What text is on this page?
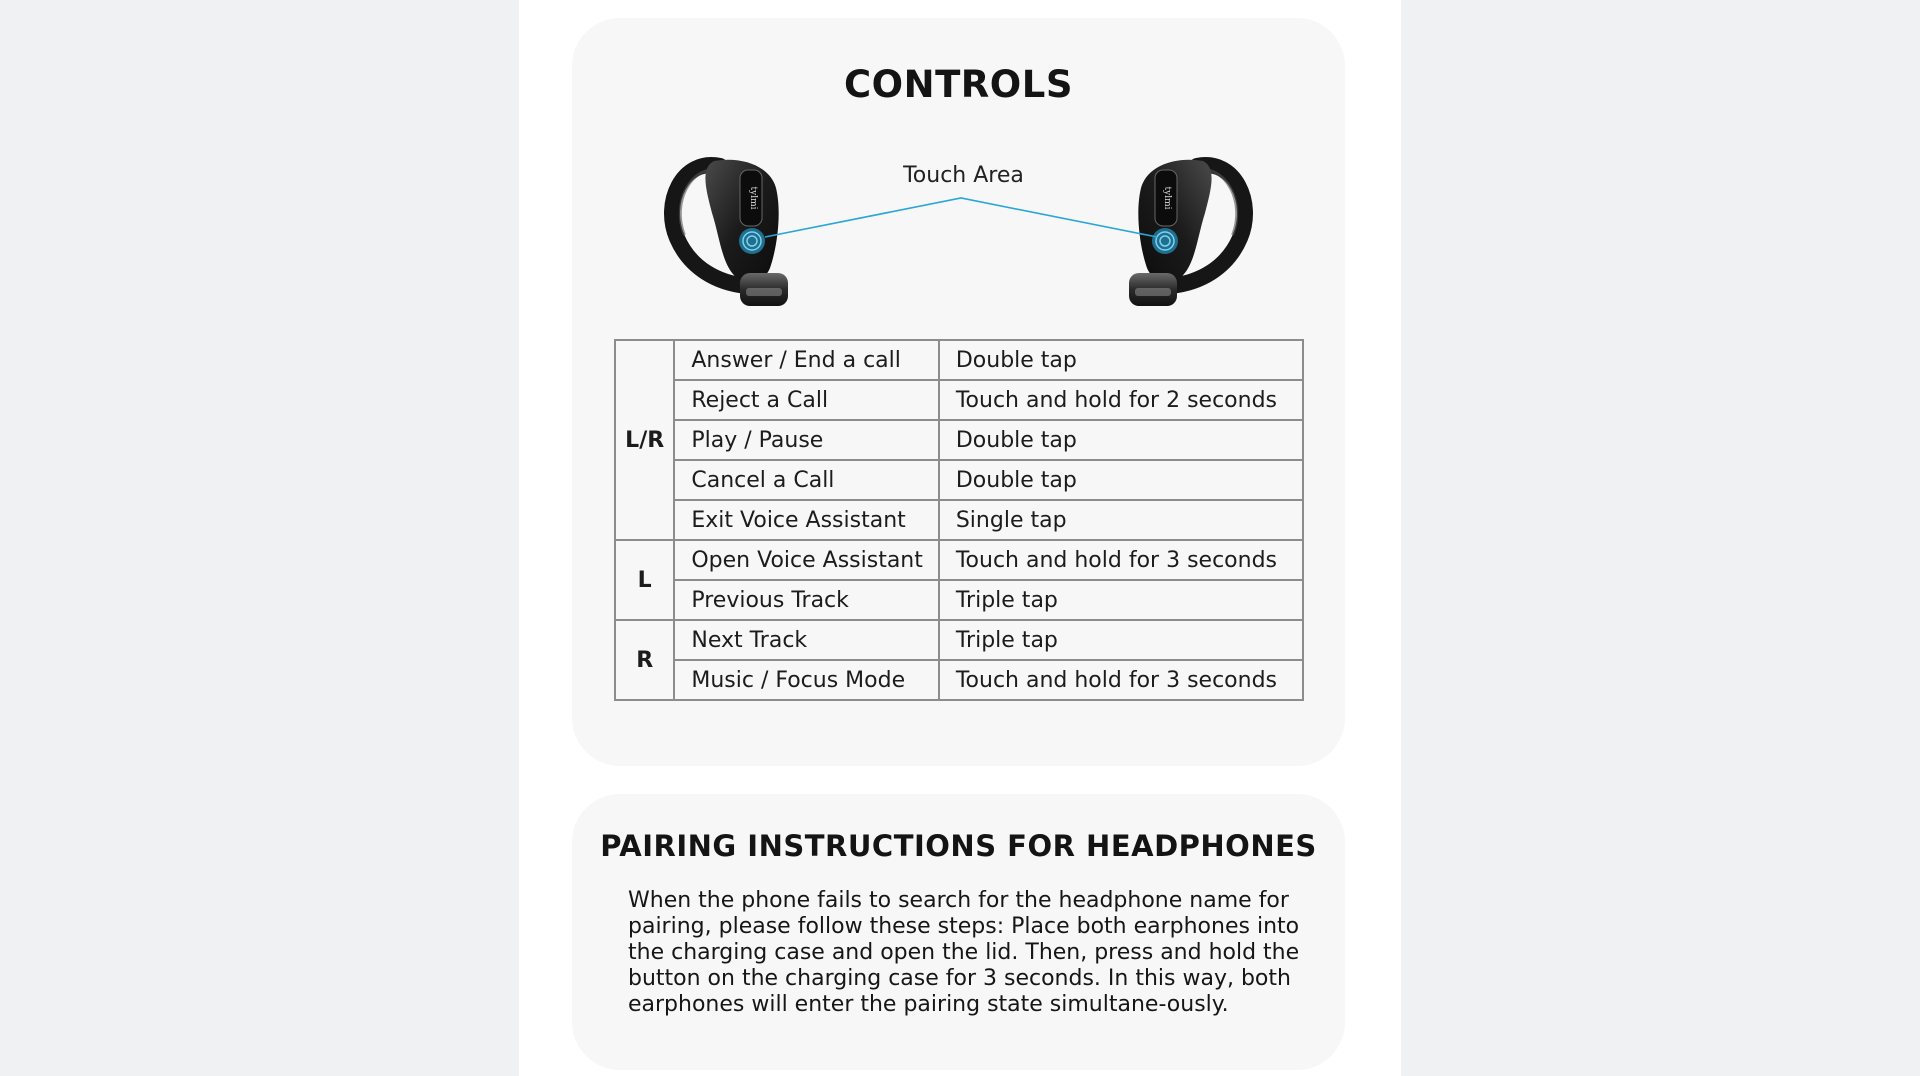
CONTROLS
Touch Area
tylmi	tylmi
L/R	Answer / End a call	Double tap
	Reject a Call	Touch and hold for 2 seconds
	Play / Pause	Double tap
	Cancel a Call	Double tap
	Exit Voice Assistant	Single tap
L	Open Voice Assistant	Touch and hold for 3 seconds
	Previous Track	Triple tap
R	Next Track	Triple tap
	Music / Focus Mode	Touch and hold for 3 seconds
PAIRING INSTRUCTIONS FOR HEADPHONES

When the phone fails to search for the headphone name for pairing, please follow these steps: Place both earphones into the charging case and open the lid. Then, press and hold the button on the charging case for 3 seconds. In this way, both earphones will enter the pairing state simultane-ously.
